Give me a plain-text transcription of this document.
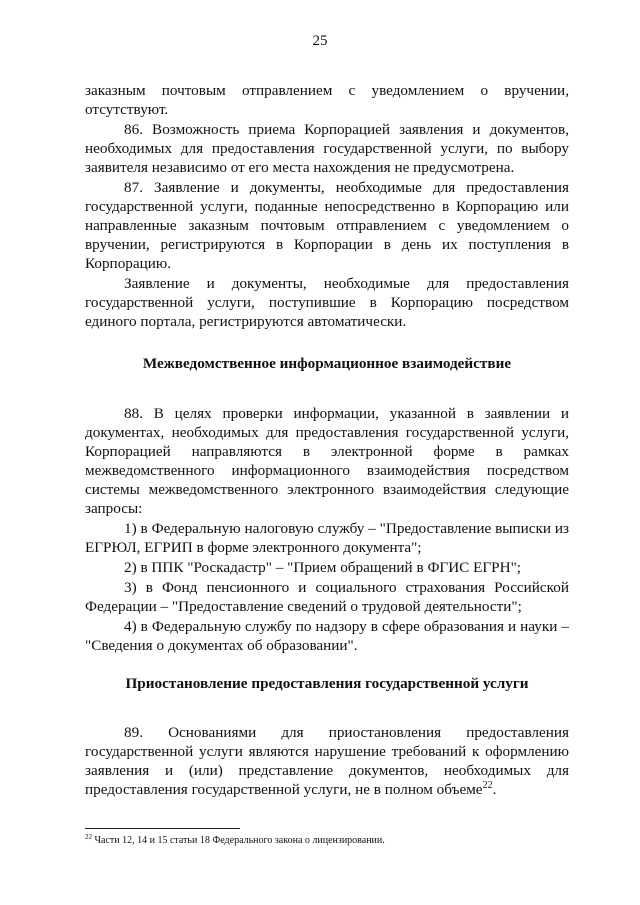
25

заказным почтовым отправлением с уведомлением о вручении, отсутствуют.

86. Возможность приема Корпорацией заявления и документов, необходимых для предоставления государственной услуги, по выбору заявителя независимо от его места нахождения не предусмотрена.

87. Заявление и документы, необходимые для предоставления государственной услуги, поданные непосредственно в Корпорацию или направленные заказным почтовым отправлением с уведомлением о вручении, регистрируются в Корпорации в день их поступления в Корпорацию.

Заявление и документы, необходимые для предоставления государственной услуги, поступившие в Корпорацию посредством единого портала, регистрируются автоматически.

Межведомственное информационное взаимодействие

88. В целях проверки информации, указанной в заявлении и документах, необходимых для предоставления государственной услуги, Корпорацией направляются в электронной форме в рамках межведомственного информационного взаимодействия посредством системы межведомственного электронного взаимодействия следующие запросы:

1) в Федеральную налоговую службу – "Предоставление выписки из ЕГРЮЛ, ЕГРИП в форме электронного документа";

2) в ППК "Роскадастр" – "Прием обращений в ФГИС ЕГРН";

3) в Фонд пенсионного и социального страхования Российской Федерации – "Предоставление сведений о трудовой деятельности";

4) в Федеральную службу по надзору в сфере образования и науки – "Сведения о документах об образовании".

Приостановление предоставления государственной услуги

89. Основаниями для приостановления предоставления государственной услуги являются нарушение требований к оформлению заявления и (или) представление документов, необходимых для предоставления государственной услуги, не в полном объеме$^{22}$.

$^{22}$ Части 12, 14 и 15 статьи 18 Федерального закона о лицензировании.
